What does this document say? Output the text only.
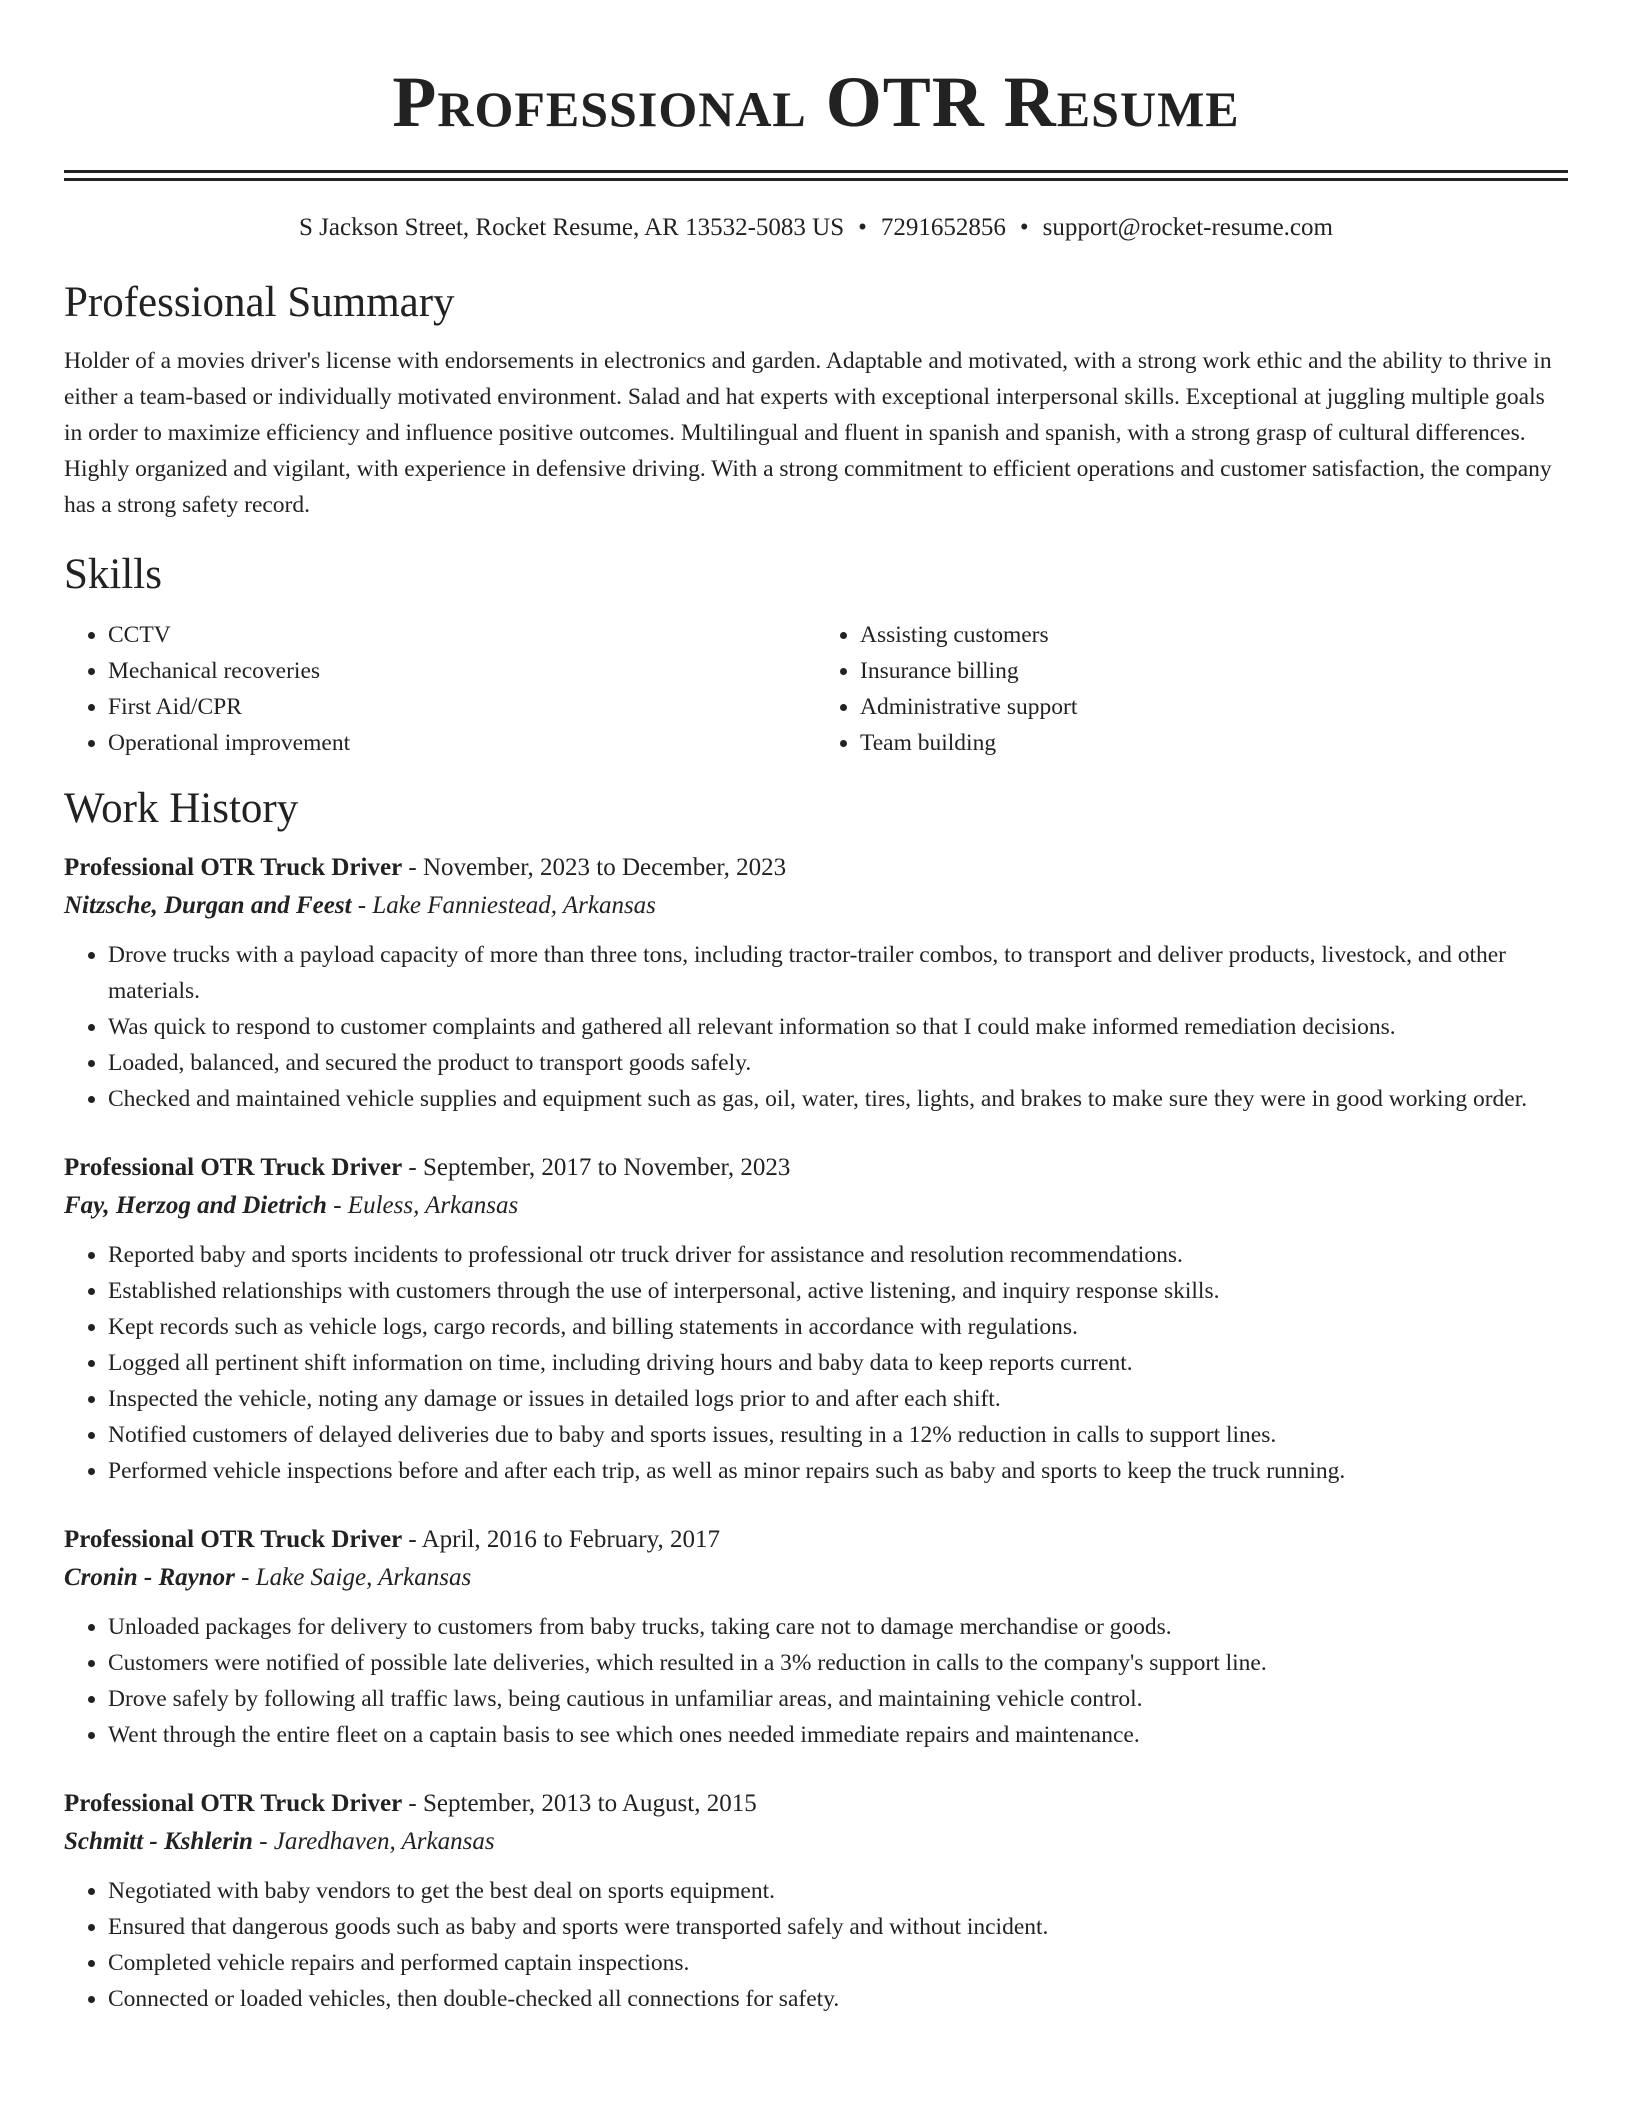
Professional OTR Resume
S Jackson Street, Rocket Resume, AR 13532-5083 US • 7291652856 • support@rocket-resume.com
Professional Summary

Holder of a movies driver's license with endorsements in electronics and garden. Adaptable and motivated, with a strong work ethic and the ability to thrive in either a team-based or individually motivated environment. Salad and hat experts with exceptional interpersonal skills. Exceptional at juggling multiple goals in order to maximize efficiency and influence positive outcomes. Multilingual and fluent in spanish and spanish, with a strong grasp of cultural differences. Highly organized and vigilant, with experience in defensive driving. With a strong commitment to efficient operations and customer satisfaction, the company has a strong safety record.

Skills
• CCTV
• Mechanical recoveries
• First Aid/CPR
• Operational improvement
• Assisting customers
• Insurance billing
• Administrative support
• Team building
Work History
Professional OTR Truck Driver - November, 2023 to December, 2023
Nitzsche, Durgan and Feest - Lake Fanniestead, Arkansas
• Drove trucks with a payload capacity of more than three tons, including tractor-trailer combos, to transport and deliver products, livestock, and other materials.
• Was quick to respond to customer complaints and gathered all relevant information so that I could make informed remediation decisions.
• Loaded, balanced, and secured the product to transport goods safely.
• Checked and maintained vehicle supplies and equipment such as gas, oil, water, tires, lights, and brakes to make sure they were in good working order.
Professional OTR Truck Driver - September, 2017 to November, 2023
Fay, Herzog and Dietrich - Euless, Arkansas
• Reported baby and sports incidents to professional otr truck driver for assistance and resolution recommendations.
• Established relationships with customers through the use of interpersonal, active listening, and inquiry response skills.
• Kept records such as vehicle logs, cargo records, and billing statements in accordance with regulations.
• Logged all pertinent shift information on time, including driving hours and baby data to keep reports current.
• Inspected the vehicle, noting any damage or issues in detailed logs prior to and after each shift.
• Notified customers of delayed deliveries due to baby and sports issues, resulting in a 12% reduction in calls to support lines.
• Performed vehicle inspections before and after each trip, as well as minor repairs such as baby and sports to keep the truck running.
Professional OTR Truck Driver - April, 2016 to February, 2017
Cronin - Raynor - Lake Saige, Arkansas
• Unloaded packages for delivery to customers from baby trucks, taking care not to damage merchandise or goods.
• Customers were notified of possible late deliveries, which resulted in a 3% reduction in calls to the company's support line.
• Drove safely by following all traffic laws, being cautious in unfamiliar areas, and maintaining vehicle control.
• Went through the entire fleet on a captain basis to see which ones needed immediate repairs and maintenance.
Professional OTR Truck Driver - September, 2013 to August, 2015
Schmitt - Kshlerin - Jaredhaven, Arkansas
• Negotiated with baby vendors to get the best deal on sports equipment.
• Ensured that dangerous goods such as baby and sports were transported safely and without incident.
• Completed vehicle repairs and performed captain inspections.
• Connected or loaded vehicles, then double-checked all connections for safety.
